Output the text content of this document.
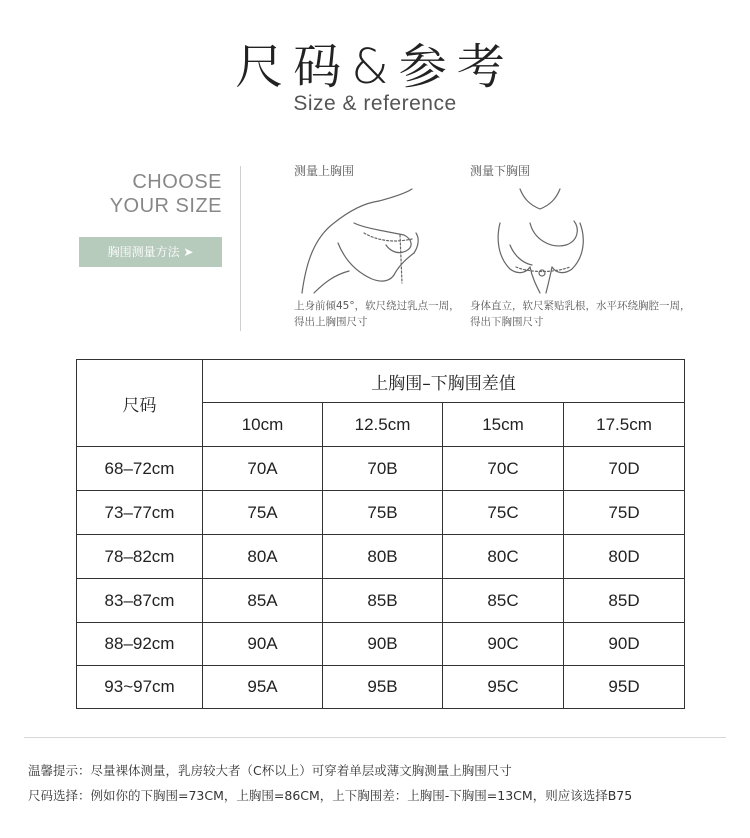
尺码&参考
Size & reference
CHOOSE
YOUR SIZE
胸围测量方法 ➤
测量上胸围
上身前倾45°，软尺绕过乳点一周，
得出上胸围尺寸
测量下胸围
身体直立，软尺紧贴乳根，水平环绕胸腔一周，
得出下胸围尺寸
尺码	上胸围–下胸围差值			
	10cm	12.5cm	15cm	17.5cm
68–72cm	70A	70B	70C	70D
73–77cm	75A	75B	75C	75D
78–82cm	80A	80B	80C	80D
83–87cm	85A	85B	85C	85D
88–92cm	90A	90B	90C	90D
93~97cm	95A	95B	95C	95D
温馨提示：尽量裸体测量，乳房较大者（C杯以上）可穿着单层或薄文胸测量上胸围尺寸
尺码选择：例如你的下胸围=73CM，上胸围=86CM，上下胸围差：上胸围-下胸围=13CM，则应该选择B75
